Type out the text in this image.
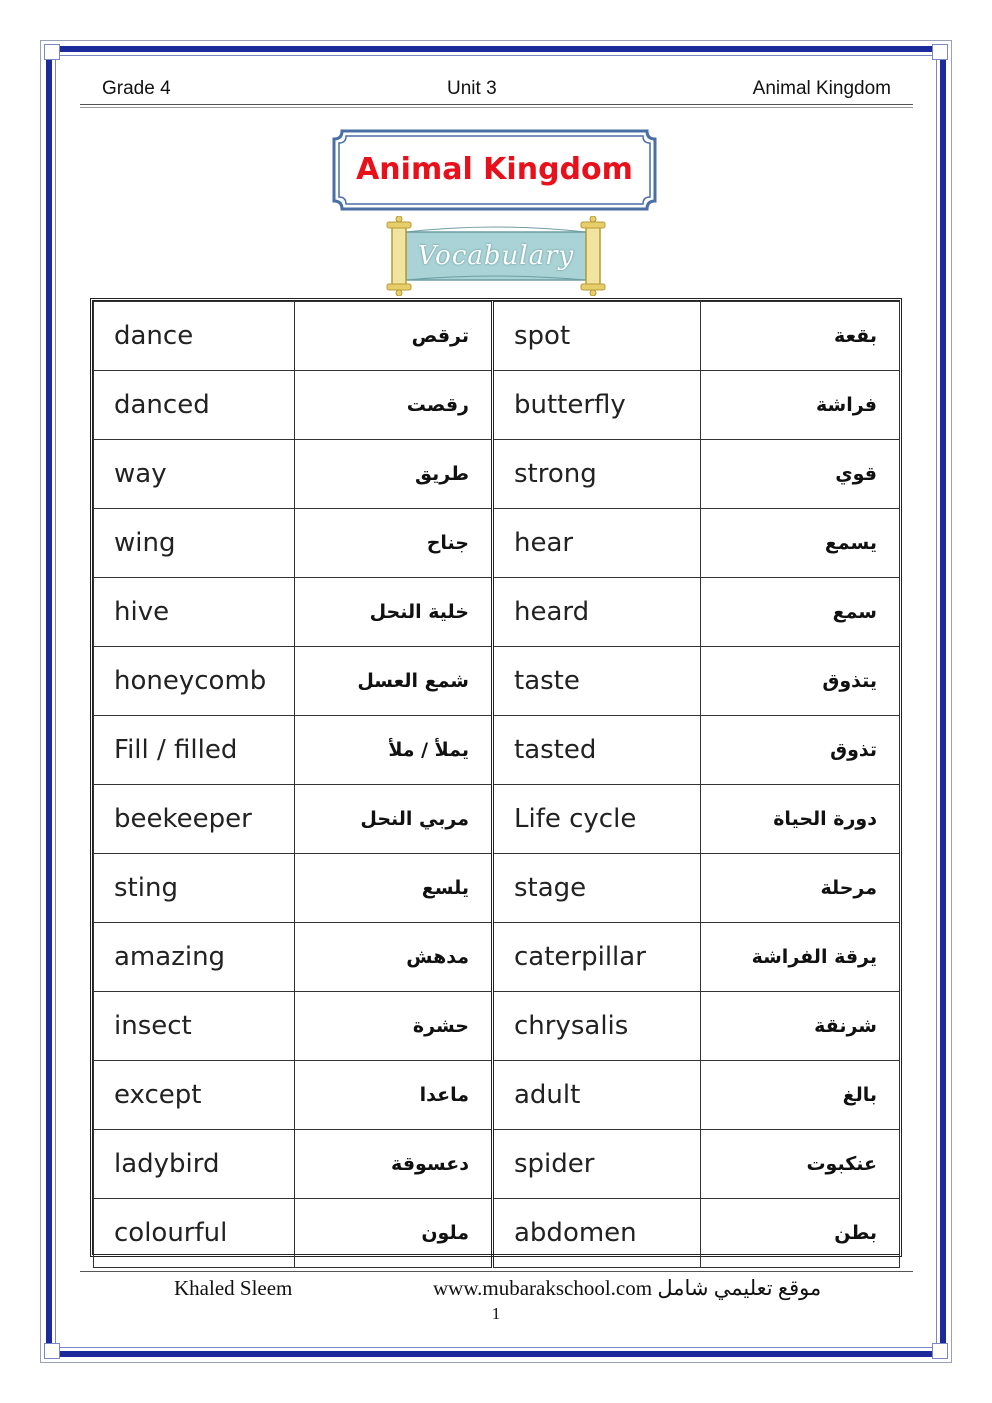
Grade 4	Unit 3	Animal Kingdom
Animal Kingdom
Vocabulary
dance	ترقص	spot	بقعة
danced	رقصت	butterfly	فراشة
way	طريق	strong	قوي
wing	جناح	hear	يسمع
hive	خلية النحل	heard	سمع
honeycomb	شمع العسل	taste	يتذوق
Fill / filled	يملأ / ملأ	tasted	تذوق
beekeeper	مربي النحل	Life cycle	دورة الحياة
sting	يلسع	stage	مرحلة
amazing	مدهش	caterpillar	يرقة الفراشة
insect	حشرة	chrysalis	شرنقة
except	ماعدا	adult	بالغ
ladybird	دعسوقة	spider	عنكبوت
colourful	ملون	abdomen	بطن
Khaled Sleem	www.mubarakschool.com موقع تعليمي شامل
1
